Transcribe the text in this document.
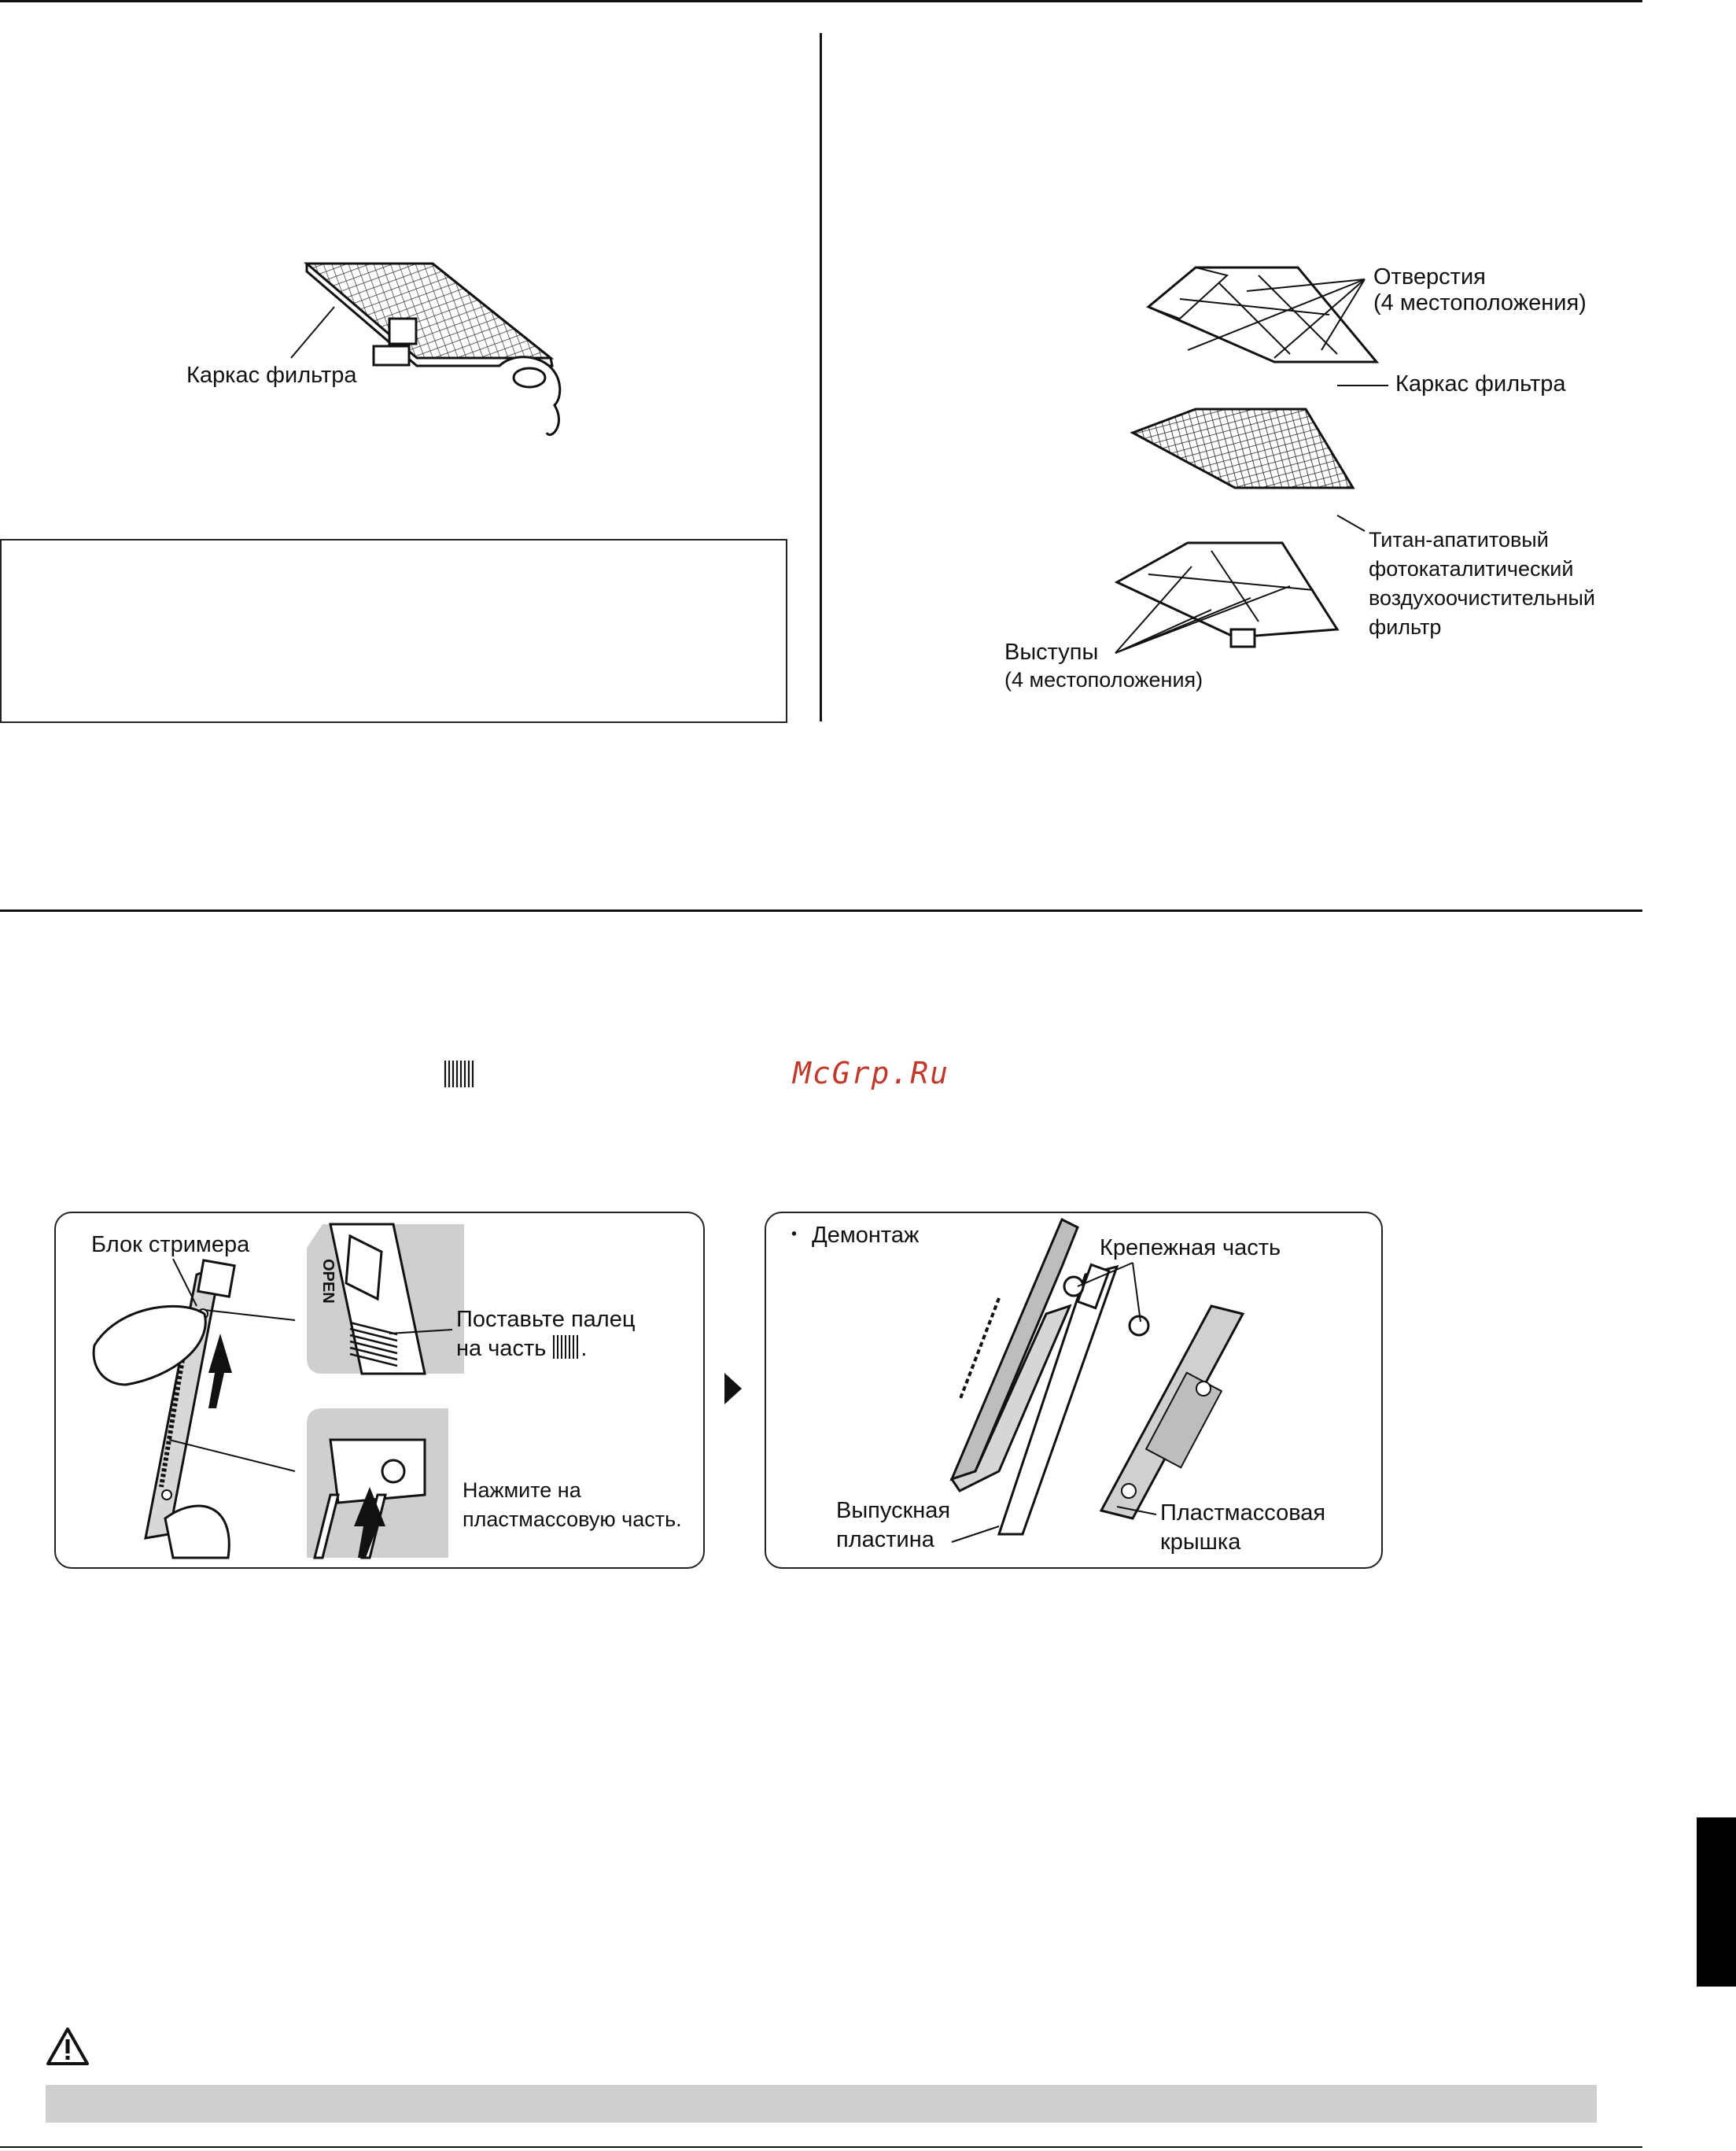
Каркас фильтра
Отверстия
(4 местоположения)
Каркас фильтра
Титан-апатитовый
фотокаталитический
воздухоочистительный
фильтр
Выступы
(4 местоположения)
McGrp.Ru
Блок стримера
OPEN
Поставьте палец
на часть .
Нажмите на
пластмассовую часть.
・ Демонтаж	Крепежная часть
Выпускная
пластина
Пластмассовая
крышка
